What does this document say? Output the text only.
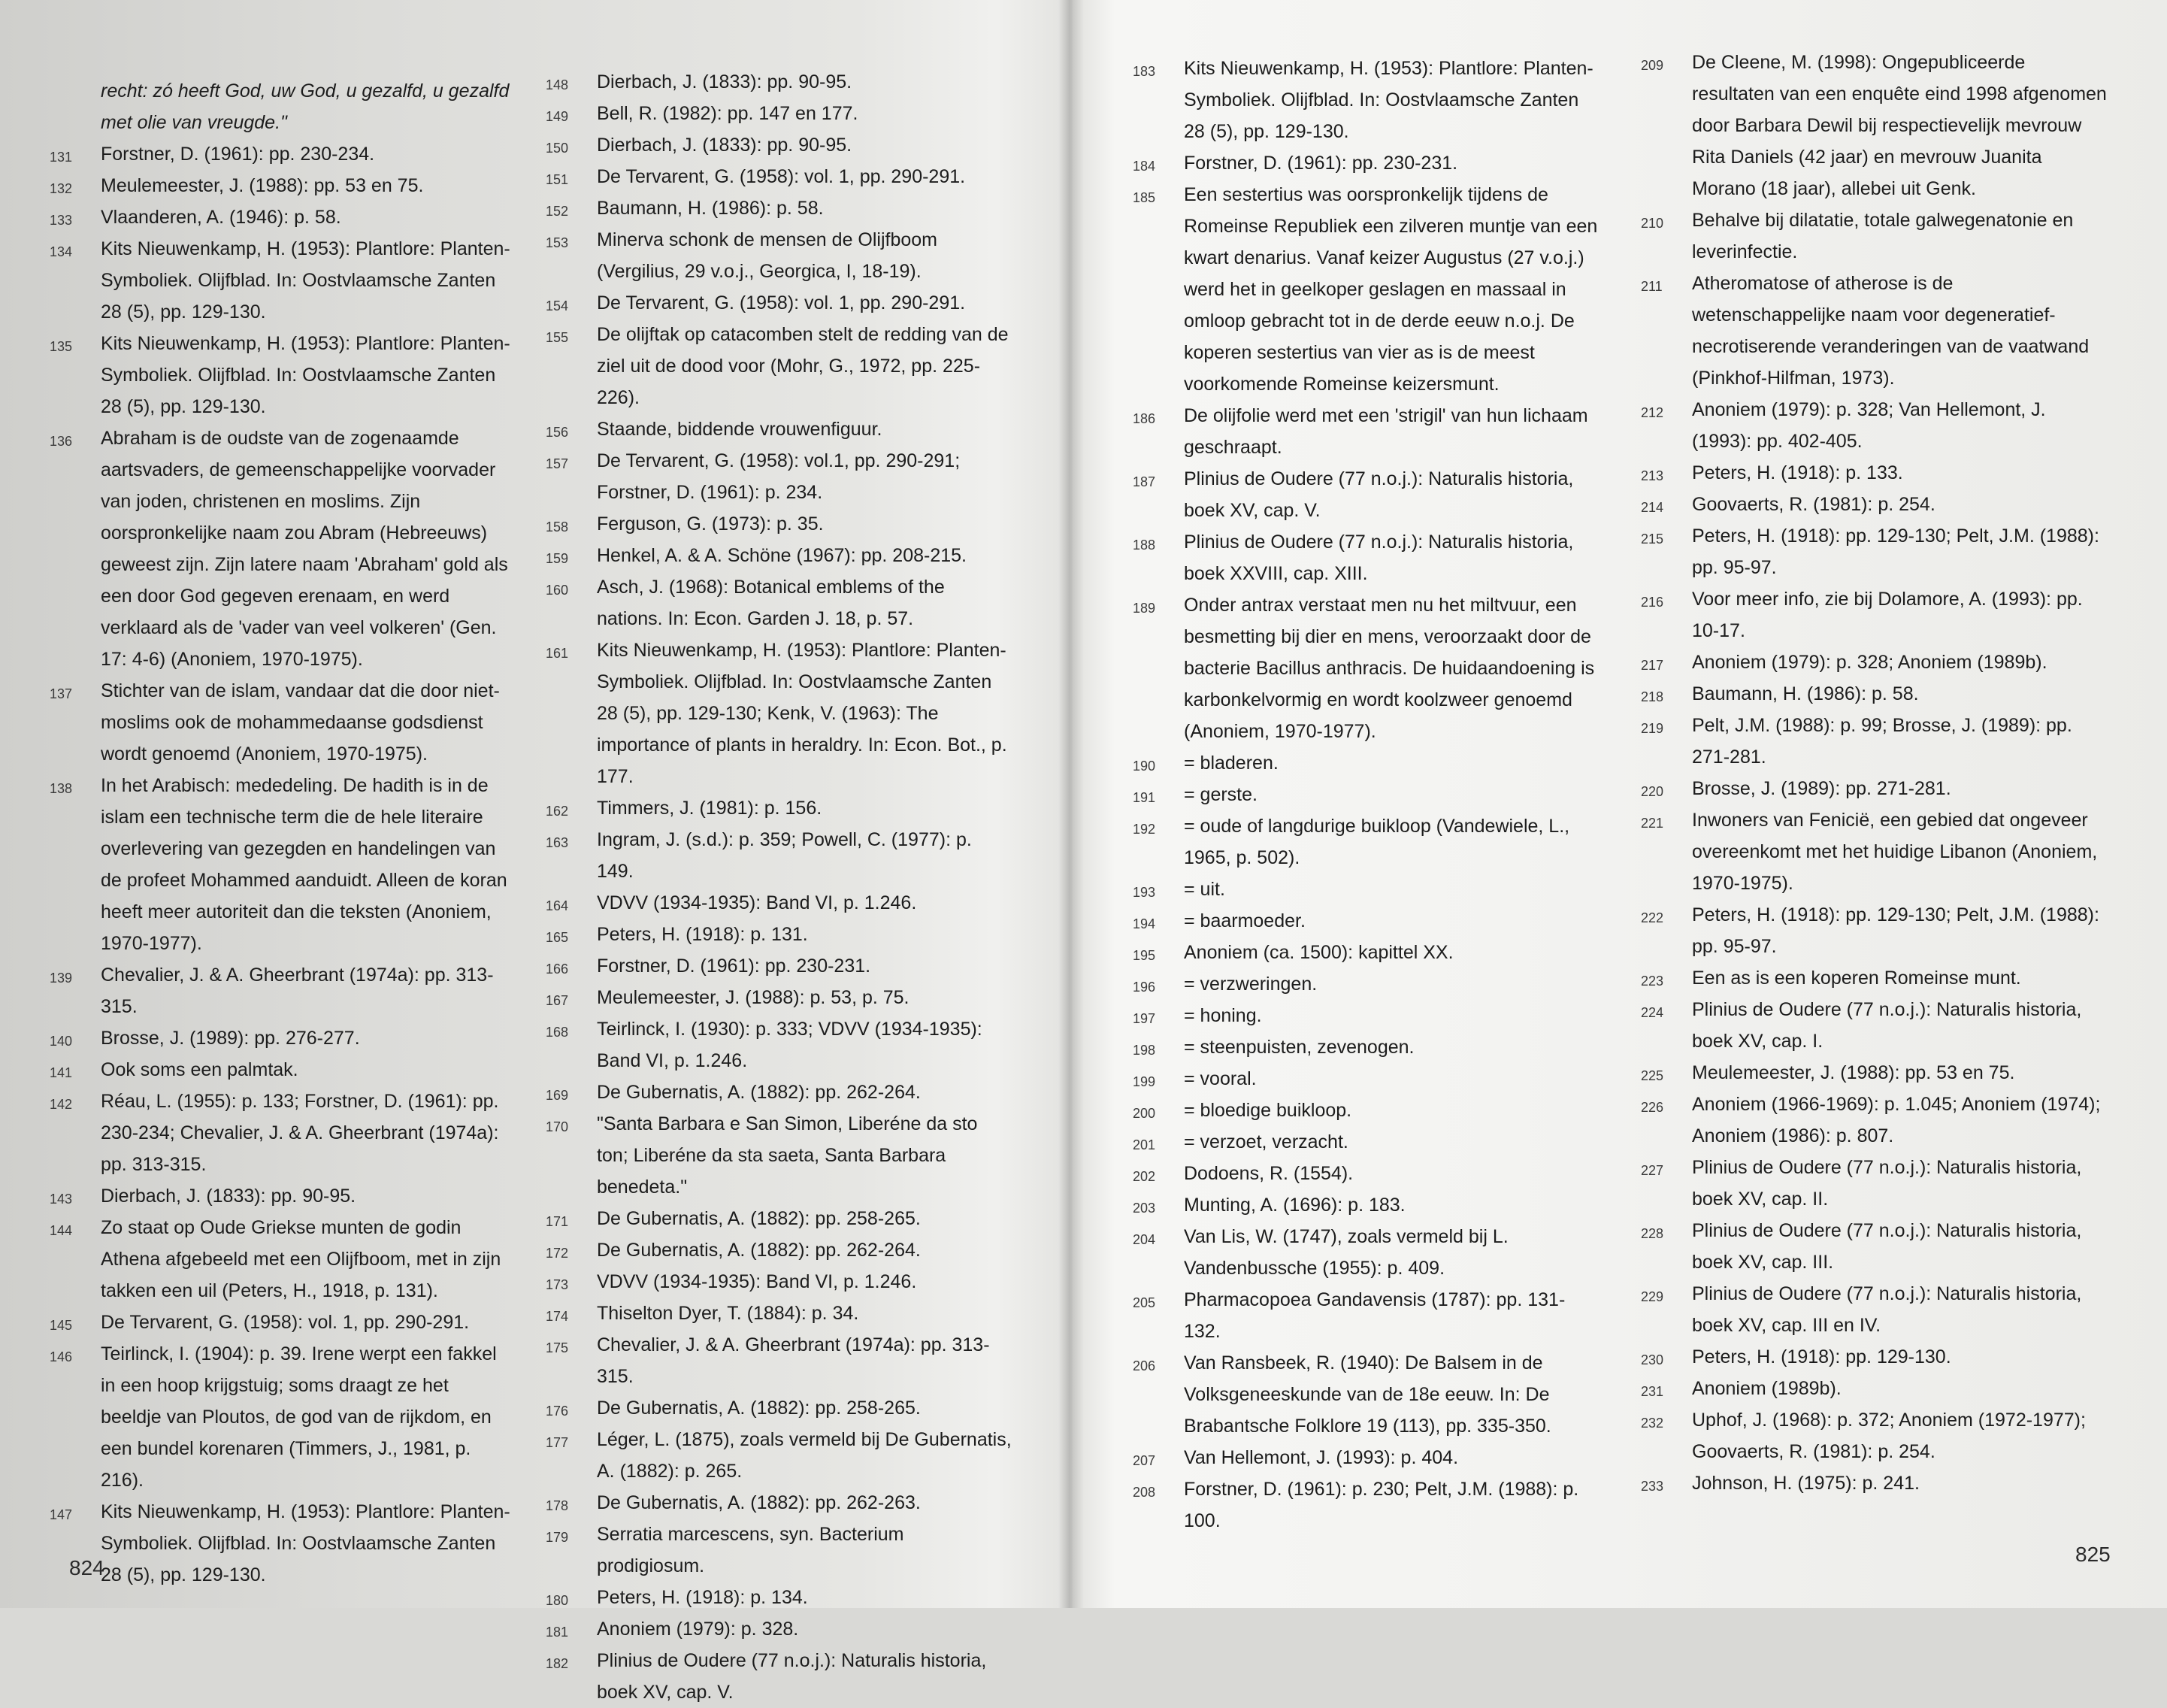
recht: zó heeft God, uw God, u gezalfd, u gezalfd met olie van vreugde."
131	Forstner, D. (1961): pp. 230-234.
132	Meulemeester, J. (1988): pp. 53 en 75.
133	Vlaanderen, A. (1946): p. 58.
134	Kits Nieuwenkamp, H. (1953): Plantlore: Planten-Symboliek. Olijfblad. In: Oostvlaamsche Zanten 28 (5), pp. 129-130.
135	Kits Nieuwenkamp, H. (1953): Plantlore: Planten-Symboliek. Olijfblad. In: Oostvlaamsche Zanten 28 (5), pp. 129-130.
136	Abraham is de oudste van de zogenaamde aartsvaders, de gemeenschappelijke voorvader van joden, christenen en moslims. Zijn oorspronkelijke naam zou Abram (Hebreeuws) geweest zijn. Zijn latere naam 'Abraham' gold als een door God gegeven erenaam, en werd verklaard als de 'vader van veel volkeren' (Gen. 17: 4-6) (Anoniem, 1970-1975).
137	Stichter van de islam, vandaar dat die door niet-moslims ook de mohammedaanse godsdienst wordt genoemd (Anoniem, 1970-1975).
138	In het Arabisch: mededeling. De hadith is in de islam een technische term die de hele literaire overlevering van gezegden en handelingen van de profeet Mohammed aanduidt. Alleen de koran heeft meer autoriteit dan die teksten (Anoniem, 1970-1977).
139	Chevalier, J. & A. Gheerbrant (1974a): pp. 313-315.
140	Brosse, J. (1989): pp. 276-277.
141	Ook soms een palmtak.
142	Réau, L. (1955): p. 133; Forstner, D. (1961): pp. 230-234; Chevalier, J. & A. Gheerbrant (1974a): pp. 313-315.
143	Dierbach, J. (1833): pp. 90-95.
144	Zo staat op Oude Griekse munten de godin Athena afgebeeld met een Olijfboom, met in zijn takken een uil (Peters, H., 1918, p. 131).
145	De Tervarent, G. (1958): vol. 1, pp. 290-291.
146	Teirlinck, I. (1904): p. 39. Irene werpt een fakkel in een hoop krijgstuig; soms draagt ze het beeldje van Ploutos, de god van de rijkdom, en een bundel korenaren (Timmers, J., 1981, p. 216).
147	Kits Nieuwenkamp, H. (1953): Plantlore: Planten-Symboliek. Olijfblad. In: Oostvlaamsche Zanten 28 (5), pp. 129-130.
148	Dierbach, J. (1833): pp. 90-95.
149	Bell, R. (1982): pp. 147 en 177.
150	Dierbach, J. (1833): pp. 90-95.
151	De Tervarent, G. (1958): vol. 1, pp. 290-291.
152	Baumann, H. (1986): p. 58.
153	Minerva schonk de mensen de Olijfboom (Vergilius, 29 v.o.j., Georgica, I, 18-19).
154	De Tervarent, G. (1958): vol. 1, pp. 290-291.
155	De olijftak op catacomben stelt de redding van de ziel uit de dood voor (Mohr, G., 1972, pp. 225-226).
156	Staande, biddende vrouwenfiguur.
157	De Tervarent, G. (1958): vol.1, pp. 290-291; Forstner, D. (1961): p. 234.
158	Ferguson, G. (1973): p. 35.
159	Henkel, A. & A. Schöne (1967): pp. 208-215.
160	Asch, J. (1968): Botanical emblems of the nations. In: Econ. Garden J. 18, p. 57.
161	Kits Nieuwenkamp, H. (1953): Plantlore: Planten-Symboliek. Olijfblad. In: Oostvlaamsche Zanten 28 (5), pp. 129-130; Kenk, V. (1963): The importance of plants in heraldry. In: Econ. Bot., p. 177.
162	Timmers, J. (1981): p. 156.
163	Ingram, J. (s.d.): p. 359; Powell, C. (1977): p. 149.
164	VDVV (1934-1935): Band VI, p. 1.246.
165	Peters, H. (1918): p. 131.
166	Forstner, D. (1961): pp. 230-231.
167	Meulemeester, J. (1988): p. 53, p. 75.
168	Teirlinck, I. (1930): p. 333; VDVV (1934-1935): Band VI, p. 1.246.
169	De Gubernatis, A. (1882): pp. 262-264.
170	"Santa Barbara e San Simon, Liberéne da sto ton; Liberéne da sta saeta, Santa Barbara benedeta."
171	De Gubernatis, A. (1882): pp. 258-265.
172	De Gubernatis, A. (1882): pp. 262-264.
173	VDVV (1934-1935): Band VI, p. 1.246.
174	Thiselton Dyer, T. (1884): p. 34.
175	Chevalier, J. & A. Gheerbrant (1974a): pp. 313-315.
176	De Gubernatis, A. (1882): pp. 258-265.
177	Léger, L. (1875), zoals vermeld bij De Gubernatis, A. (1882): p. 265.
178	De Gubernatis, A. (1882): pp. 262-263.
179	Serratia marcescens, syn. Bacterium prodigiosum.
180	Peters, H. (1918): p. 134.
181	Anoniem (1979): p. 328.
182	Plinius de Oudere (77 n.o.j.): Naturalis historia, boek XV, cap. V.
824
183	Kits Nieuwenkamp, H. (1953): Plantlore: Planten-Symboliek. Olijfblad. In: Oostvlaamsche Zanten 28 (5), pp. 129-130.
184	Forstner, D. (1961): pp. 230-231.
185	Een sestertius was oorspronkelijk tijdens de Romeinse Republiek een zilveren muntje van een kwart denarius. Vanaf keizer Augustus (27 v.o.j.) werd het in geelkoper geslagen en massaal in omloop gebracht tot in de derde eeuw n.o.j. De koperen sestertius van vier as is de meest voorkomende Romeinse keizersmunt.
186	De olijfolie werd met een 'strigil' van hun lichaam geschraapt.
187	Plinius de Oudere (77 n.o.j.): Naturalis historia, boek XV, cap. V.
188	Plinius de Oudere (77 n.o.j.): Naturalis historia, boek XXVIII, cap. XIII.
189	Onder antrax verstaat men nu het miltvuur, een besmetting bij dier en mens, veroorzaakt door de bacterie Bacillus anthracis. De huidaandoening is karbonkelvormig en wordt koolzweer genoemd (Anoniem, 1970-1977).
190	= bladeren.
191	= gerste.
192	= oude of langdurige buikloop (Vandewiele, L., 1965, p. 502).
193	= uit.
194	= baarmoeder.
195	Anoniem (ca. 1500): kapittel XX.
196	= verzweringen.
197	= honing.
198	= steenpuisten, zevenogen.
199	= vooral.
200	= bloedige buikloop.
201	= verzoet, verzacht.
202	Dodoens, R. (1554).
203	Munting, A. (1696): p. 183.
204	Van Lis, W. (1747), zoals vermeld bij L. Vandenbussche (1955): p. 409.
205	Pharmacopoea Gandavensis (1787): pp. 131-132.
206	Van Ransbeek, R. (1940): De Balsem in de Volksgeneeskunde van de 18e eeuw. In: De Brabantsche Folklore 19 (113), pp. 335-350.
207	Van Hellemont, J. (1993): p. 404.
208	Forstner, D. (1961): p. 230; Pelt, J.M. (1988): p. 100.
209	De Cleene, M. (1998): Ongepubliceerde resultaten van een enquête eind 1998 afgenomen door Barbara Dewil bij respectievelijk mevrouw Rita Daniels (42 jaar) en mevrouw Juanita Morano (18 jaar), allebei uit Genk.
210	Behalve bij dilatatie, totale galwegenatonie en leverinfectie.
211	Atheromatose of atherose is de wetenschappelijke naam voor degeneratief-necrotiserende veranderingen van de vaatwand (Pinkhof-Hilfman, 1973).
212	Anoniem (1979): p. 328; Van Hellemont, J. (1993): pp. 402-405.
213	Peters, H. (1918): p. 133.
214	Goovaerts, R. (1981): p. 254.
215	Peters, H. (1918): pp. 129-130; Pelt, J.M. (1988): pp. 95-97.
216	Voor meer info, zie bij Dolamore, A. (1993): pp. 10-17.
217	Anoniem (1979): p. 328; Anoniem (1989b).
218	Baumann, H. (1986): p. 58.
219	Pelt, J.M. (1988): p. 99; Brosse, J. (1989): pp. 271-281.
220	Brosse, J. (1989): pp. 271-281.
221	Inwoners van Fenicië, een gebied dat ongeveer overeenkomt met het huidige Libanon (Anoniem, 1970-1975).
222	Peters, H. (1918): pp. 129-130; Pelt, J.M. (1988): pp. 95-97.
223	Een as is een koperen Romeinse munt.
224	Plinius de Oudere (77 n.o.j.): Naturalis historia, boek XV, cap. I.
225	Meulemeester, J. (1988): pp. 53 en 75.
226	Anoniem (1966-1969): p. 1.045; Anoniem (1974); Anoniem (1986): p. 807.
227	Plinius de Oudere (77 n.o.j.): Naturalis historia, boek XV, cap. II.
228	Plinius de Oudere (77 n.o.j.): Naturalis historia, boek XV, cap. III.
229	Plinius de Oudere (77 n.o.j.): Naturalis historia, boek XV, cap. III en IV.
230	Peters, H. (1918): pp. 129-130.
231	Anoniem (1989b).
232	Uphof, J. (1968): p. 372; Anoniem (1972-1977); Goovaerts, R. (1981): p. 254.
233	Johnson, H. (1975): p. 241.
825
